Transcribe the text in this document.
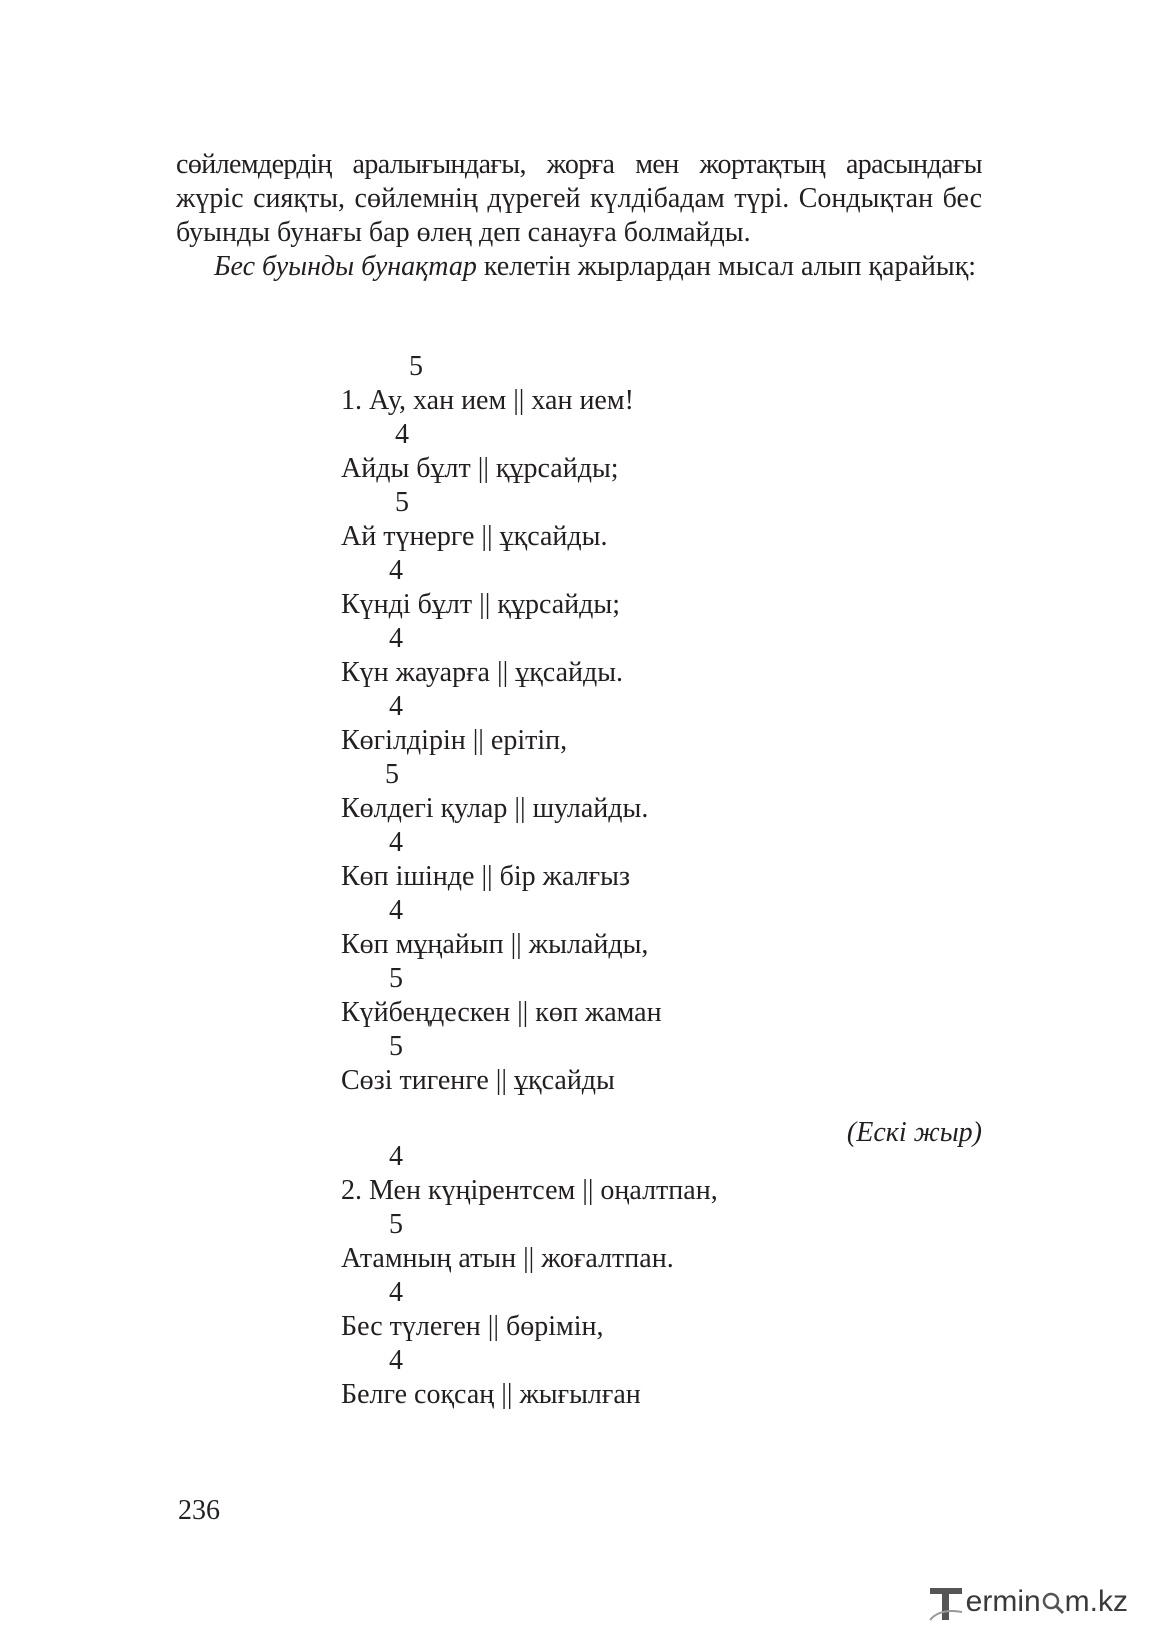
сөйлемдердің аралығындағы, жорға мен жортақтың арасындағы

жүріс сияқты, сөйлемнің дүрегей күлдібадам түрі. Сондықтан бес буынды бунағы бар өлең деп санауға болмайды.

Бес буынды бунақтар келетін жырлардан мысал алып қарайық:

5
1. Ау, хан ием || хан ием!
4
Айды бұлт || құрсайды;
5
Ай түнерге || ұқсайды.
4
Күнді бұлт || құрсайды;
4
Күн жауарға || ұқсайды.
4
Көгілдірін || ерітіп,
5
Көлдегі қулар || шулайды.
4
Көп ішінде || бір жалғыз
4
Көп мұңайып || жылайды,
5
Күйбеңдескен || көп жаман
5
Сөзі тигенге || ұқсайды
(Ескі жыр)
4
2. Мен күңірентсем || оңалтпан,
5
Атамның атын || жоғалтпан.
4
Бес түлеген || бөрімін,
4
Белге соқсаң || жығылған
236
ermin m.kz
